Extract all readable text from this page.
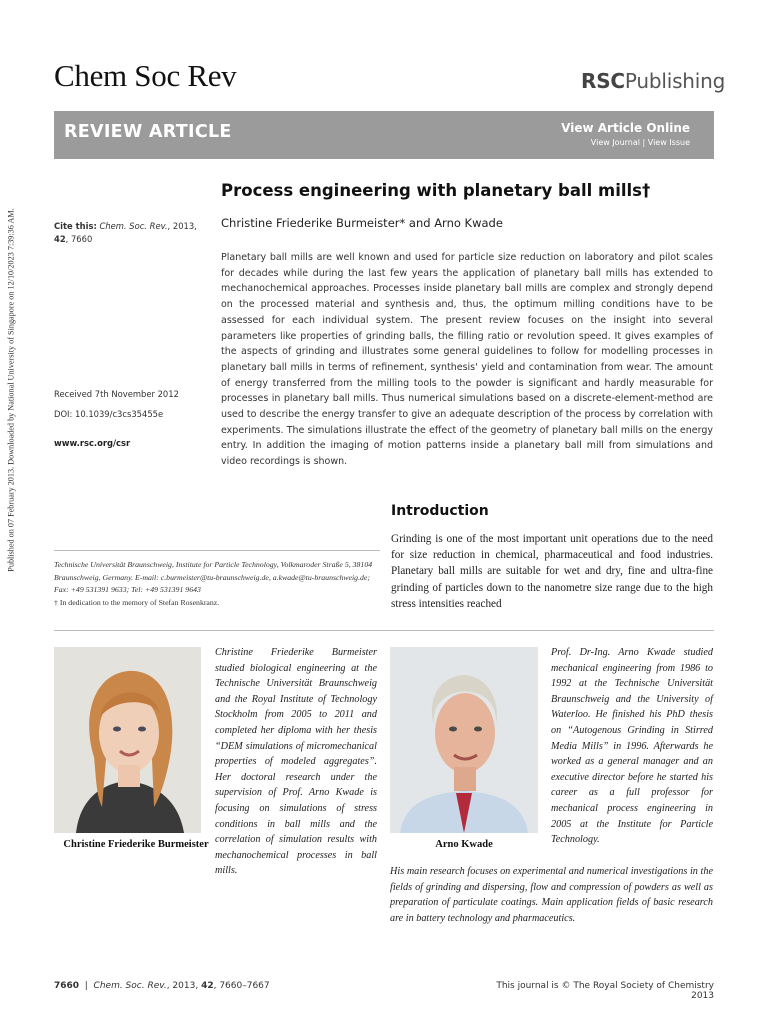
Published on 07 February 2013. Downloaded by National University of Singapore on 12/10/2023 7:39:36 AM.
Chem Soc Rev	RSCPublishing
REVIEW ARTICLE	View Article Online
View Journal | View Issue
Process engineering with planetary ball mills†
Christine Friederike Burmeister* and Arno Kwade
Cite this: Chem. Soc. Rev., 2013,
42, 7660
Planetary ball mills are well known and used for particle size reduction on laboratory and pilot scales for decades while during the last few years the application of planetary ball mills has extended to mechanochemical approaches. Processes inside planetary ball mills are complex and strongly depend on the processed material and synthesis and, thus, the optimum milling conditions have to be assessed for each individual system. The present review focuses on the insight into several parameters like properties of grinding balls, the filling ratio or revolution speed. It gives examples of the aspects of grinding and illustrates some general guidelines to follow for modelling processes in planetary ball mills in terms of refinement, synthesis' yield and contamination from wear. The amount of energy transferred from the milling tools to the powder is significant and hardly measurable for processes in planetary ball mills. Thus numerical simulations based on a discrete-element-method are used to describe the energy transfer to give an adequate description of the process by correlation with experiments. The simulations illustrate the effect of the geometry of planetary ball mills on the energy entry. In addition the imaging of motion patterns inside a planetary ball mill from simulations and video recordings is shown.
Received 7th November 2012
DOI: 10.1039/c3cs35455e
www.rsc.org/csr
Introduction
Grinding is one of the most important unit operations due to the need for size reduction in chemical, pharmaceutical and food industries. Planetary ball mills are suitable for wet and dry, fine and ultra-fine grinding of particles down to the nanometre size range due to the high stress intensities reached
Technische Universität Braunschweig, Institute for Particle Technology, Volkmaroder Straße 5, 38104 Braunschweig, Germany. E-mail: c.burmeister@tu-braunschweig.de, a.kwade@tu-braunschweig.de; Fax: +49 531391 9633; Tel: +49 531391 9643
† In dedication to the memory of Stefan Rosenkranz.
Christine Friederike Burmeister
Christine Friederike Burmeister studied biological engineering at the Technische Universität Braunschweig and the Royal Institute of Technology Stockholm from 2005 to 2011 and completed her diploma with her thesis “DEM simulations of micromechanical properties of modeled aggregates”. Her doctoral research under the supervision of Prof. Arno Kwade is focusing on simulations of stress conditions in ball mills and the correlation of simulation results with mechanochemical processes in ball mills.
Arno Kwade
Prof. Dr-Ing. Arno Kwade studied mechanical engineering from 1986 to 1992 at the Technische Universität Braunschweig and the University of Waterloo. He finished his PhD thesis on “Autogenous Grinding in Stirred Media Mills” in 1996. Afterwards he worked as a general manager and an executive director before he started his career as a full professor for mechanical process engineering in 2005 at the Institute for Particle Technology.
His main research focuses on experimental and numerical investigations in the fields of grinding and dispersing, flow and compression of powders as well as preparation of particulate coatings. Main application fields of basic research are in battery technology and pharmaceutics.
7660  |  Chem. Soc. Rev., 2013, 42, 7660–7667	This journal is © The Royal Society of Chemistry 2013
